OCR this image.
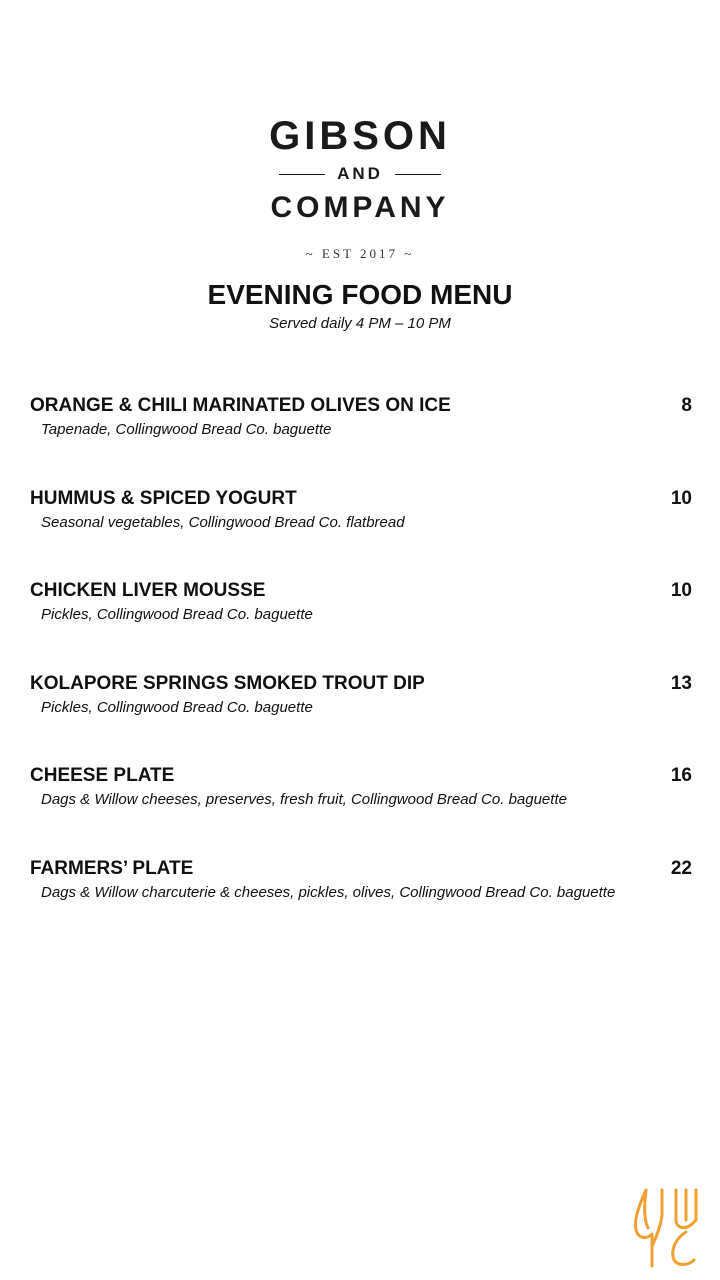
GIBSON
AND
COMPANY
~ EST 2017 ~
EVENING FOOD MENU
Served daily 4 PM – 10 PM
ORANGE & CHILI MARINATED OLIVES ON ICE	8
Tapenade, Collingwood Bread Co. baguette
HUMMUS & SPICED YOGURT	10
Seasonal vegetables, Collingwood Bread Co. flatbread
CHICKEN LIVER MOUSSE	10
Pickles, Collingwood Bread Co. baguette
KOLAPORE SPRINGS SMOKED TROUT DIP	13
Pickles, Collingwood Bread Co. baguette
CHEESE PLATE	16
Dags & Willow cheeses, preserves, fresh fruit, Collingwood Bread Co. baguette
FARMERS’ PLATE	22
Dags & Willow charcuterie & cheeses, pickles, olives, Collingwood Bread Co. baguette
